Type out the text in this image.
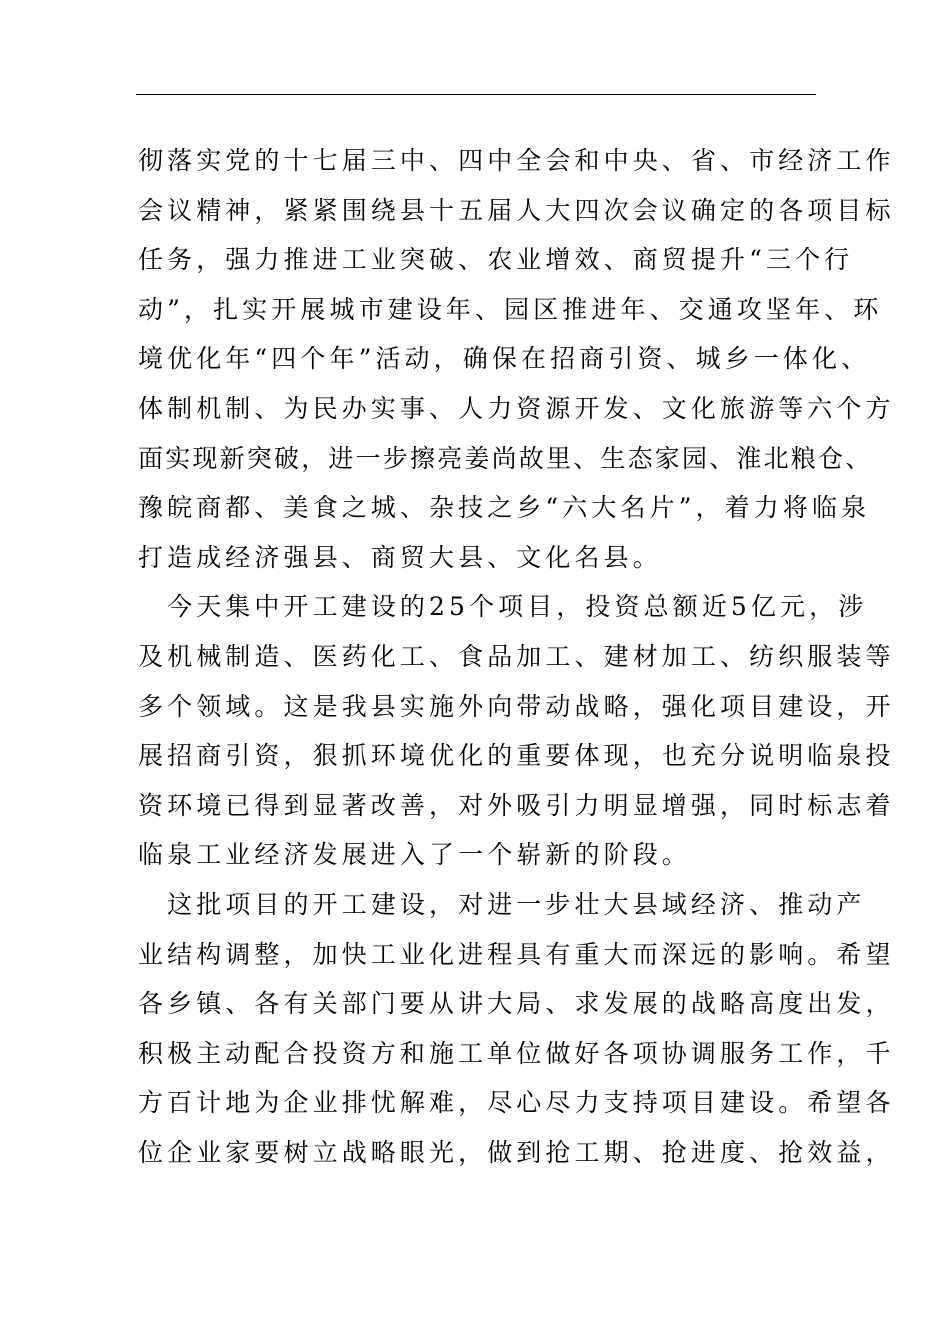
彻落实党的十七届三中、四中全会和中央、省、市经济工作
会议精神，紧紧围绕县十五届人大四次会议确定的各项目标
任务，强力推进工业突破、农业增效、商贸提升“三个行
动”，扎实开展城市建设年、园区推进年、交通攻坚年、环
境优化年“四个年”活动，确保在招商引资、城乡一体化、
体制机制、为民办实事、人力资源开发、文化旅游等六个方
面实现新突破，进一步擦亮姜尚故里、生态家园、淮北粮仓、
豫皖商都、美食之城、杂技之乡“六大名片”，着力将临泉
打造成经济强县、商贸大县、文化名县。
　今天集中开工建设的25个项目，投资总额近5亿元，涉
及机械制造、医药化工、食品加工、建材加工、纺织服装等
多个领域。这是我县实施外向带动战略，强化项目建设，开
展招商引资，狠抓环境优化的重要体现，也充分说明临泉投
资环境已得到显著改善，对外吸引力明显增强，同时标志着
临泉工业经济发展进入了一个崭新的阶段。
　这批项目的开工建设，对进一步壮大县域经济、推动产
业结构调整，加快工业化进程具有重大而深远的影响。希望
各乡镇、各有关部门要从讲大局、求发展的战略高度出发，
积极主动配合投资方和施工单位做好各项协调服务工作，千
方百计地为企业排忧解难，尽心尽力支持项目建设。希望各
位企业家要树立战略眼光，做到抢工期、抢进度、抢效益，
